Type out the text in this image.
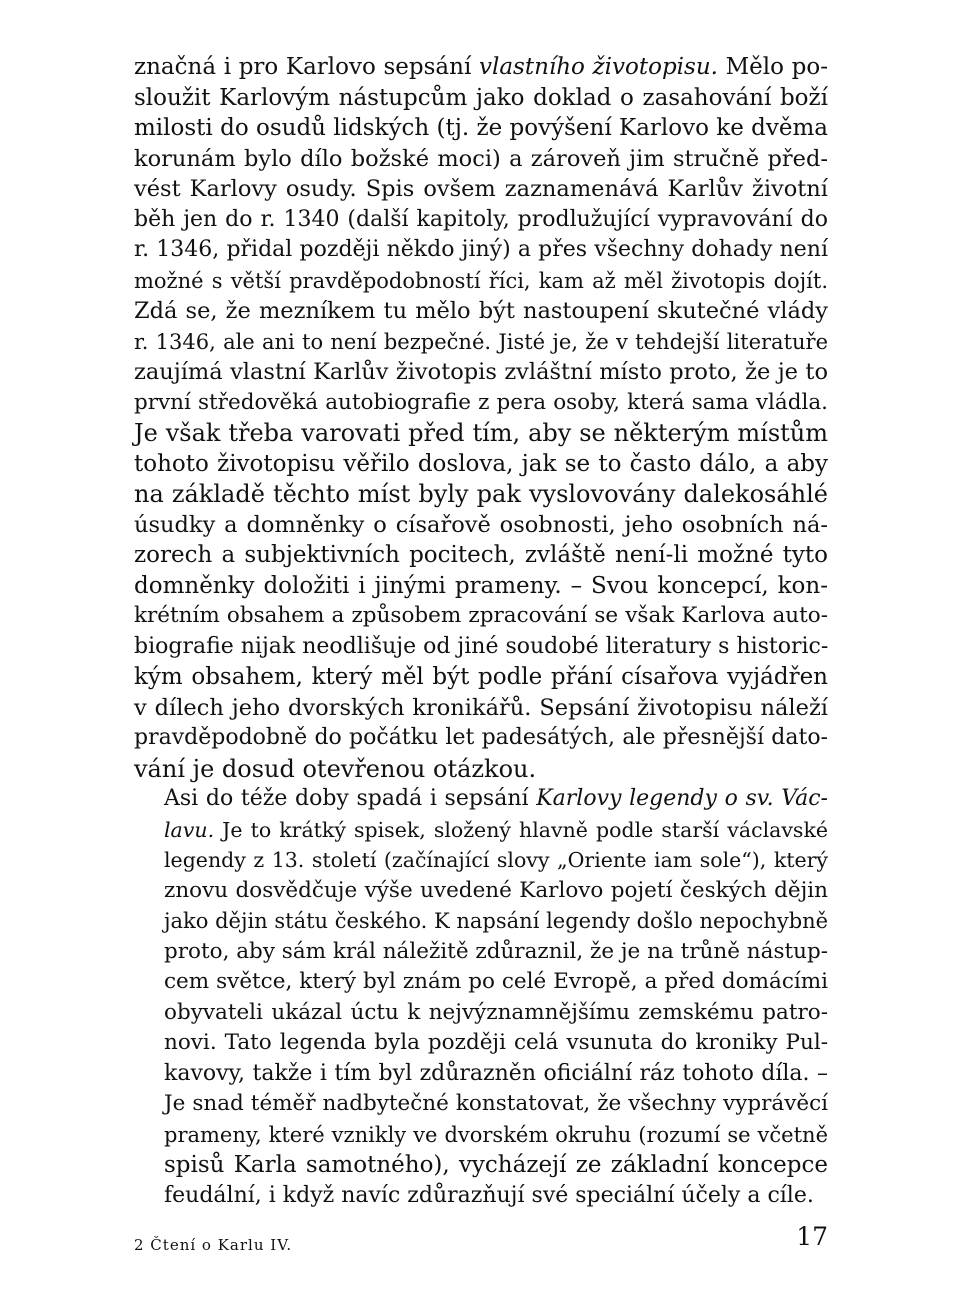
značná i pro Karlovo sepsání vlastního životopisu. Mělo po-
sloužit Karlovým nástupcům jako doklad o zasahování boží
milosti do osudů lidských (tj. že povýšení Karlovo ke dvěma
korunám bylo dílo božské moci) a zároveň jim stručně před-
vést Karlovy osudy. Spis ovšem zaznamenává Karlův životní
běh jen do r. 1340 (další kapitoly, prodlužující vypravování do
r. 1346, přidal později někdo jiný) a přes všechny dohady není
možné s větší pravděpodobností říci, kam až měl životopis dojít.
Zdá se, že mezníkem tu mělo být nastoupení skutečné vlády
r. 1346, ale ani to není bezpečné. Jisté je, že v tehdejší literatuře
zaujímá vlastní Karlův životopis zvláštní místo proto, že je to
první středověká autobiografie z pera osoby, která sama vládla.
Je však třeba varovati před tím, aby se některým místům
tohoto životopisu věřilo doslova, jak se to často dálo, a aby
na základě těchto míst byly pak vyslovovány dalekosáhlé
úsudky a domněnky o císařově osobnosti, jeho osobních ná-
zorech a subjektivních pocitech, zvláště není-li možné tyto
domněnky doložiti i jinými prameny. – Svou koncepcí, kon-
krétním obsahem a způsobem zpracování se však Karlova auto-
biografie nijak neodlišuje od jiné soudobé literatury s historic-
kým obsahem, který měl být podle přání císařova vyjádřen
v dílech jeho dvorských kronikářů. Sepsání životopisu náleží
pravděpodobně do počátku let padesátých, ale přesnější dato-
vání je dosud otevřenou otázkou.
Asi do téže doby spadá i sepsání Karlovy legendy o sv. Vác-
lavu. Je to krátký spisek, složený hlavně podle starší václavské
legendy z 13. století (začínající slovy „Oriente iam sole“), který
znovu dosvědčuje výše uvedené Karlovo pojetí českých dějin
jako dějin státu českého. K napsání legendy došlo nepochybně
proto, aby sám král náležitě zdůraznil, že je na trůně nástup-
cem světce, který byl znám po celé Evropě, a před domácími
obyvateli ukázal úctu k nejvýznamnějšímu zemskému patro-
novi. Tato legenda byla později celá vsunuta do kroniky Pul-
kavovy, takže i tím byl zdůrazněn oficiální ráz tohoto díla. –
Je snad téměř nadbytečné konstatovat, že všechny vyprávěcí
prameny, které vznikly ve dvorském okruhu (rozumí se včetně
spisů Karla samotného), vycházejí ze základní koncepce
feudální, i když navíc zdůrazňují své speciální účely a cíle.
2 Čtení o Karlu IV.	17
